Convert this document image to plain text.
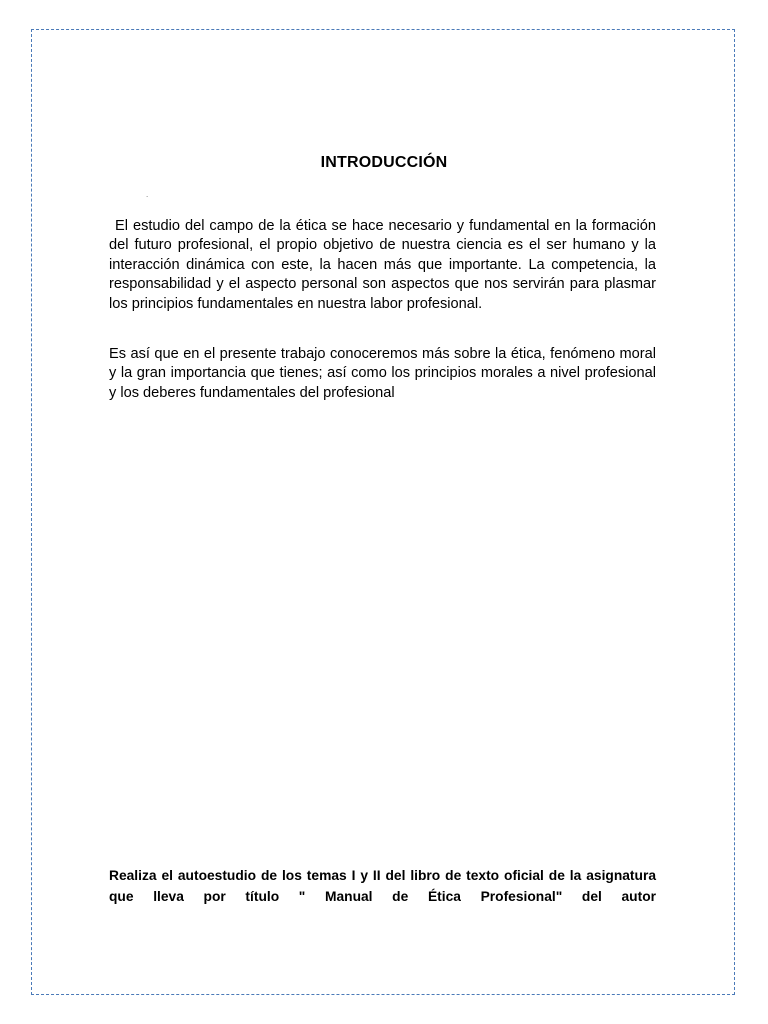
INTRODUCCIÓN
.

El estudio del campo de la ética se hace necesario y fundamental en la formación del futuro profesional, el propio objetivo de nuestra ciencia es el ser humano y la interacción dinámica con este, la hacen más que importante. La competencia, la responsabilidad y el aspecto personal son aspectos que nos servirán para plasmar los principios fundamentales en nuestra labor profesional.

Es así que en el presente trabajo conoceremos más sobre la ética, fenómeno moral y la gran importancia que tienes; así como los principios morales a nivel profesional y los deberes fundamentales del profesional

Realiza el autoestudio de los temas I y II del libro de texto oficial de la asignatura que lleva por título " Manual de Ética Profesional" del autor
